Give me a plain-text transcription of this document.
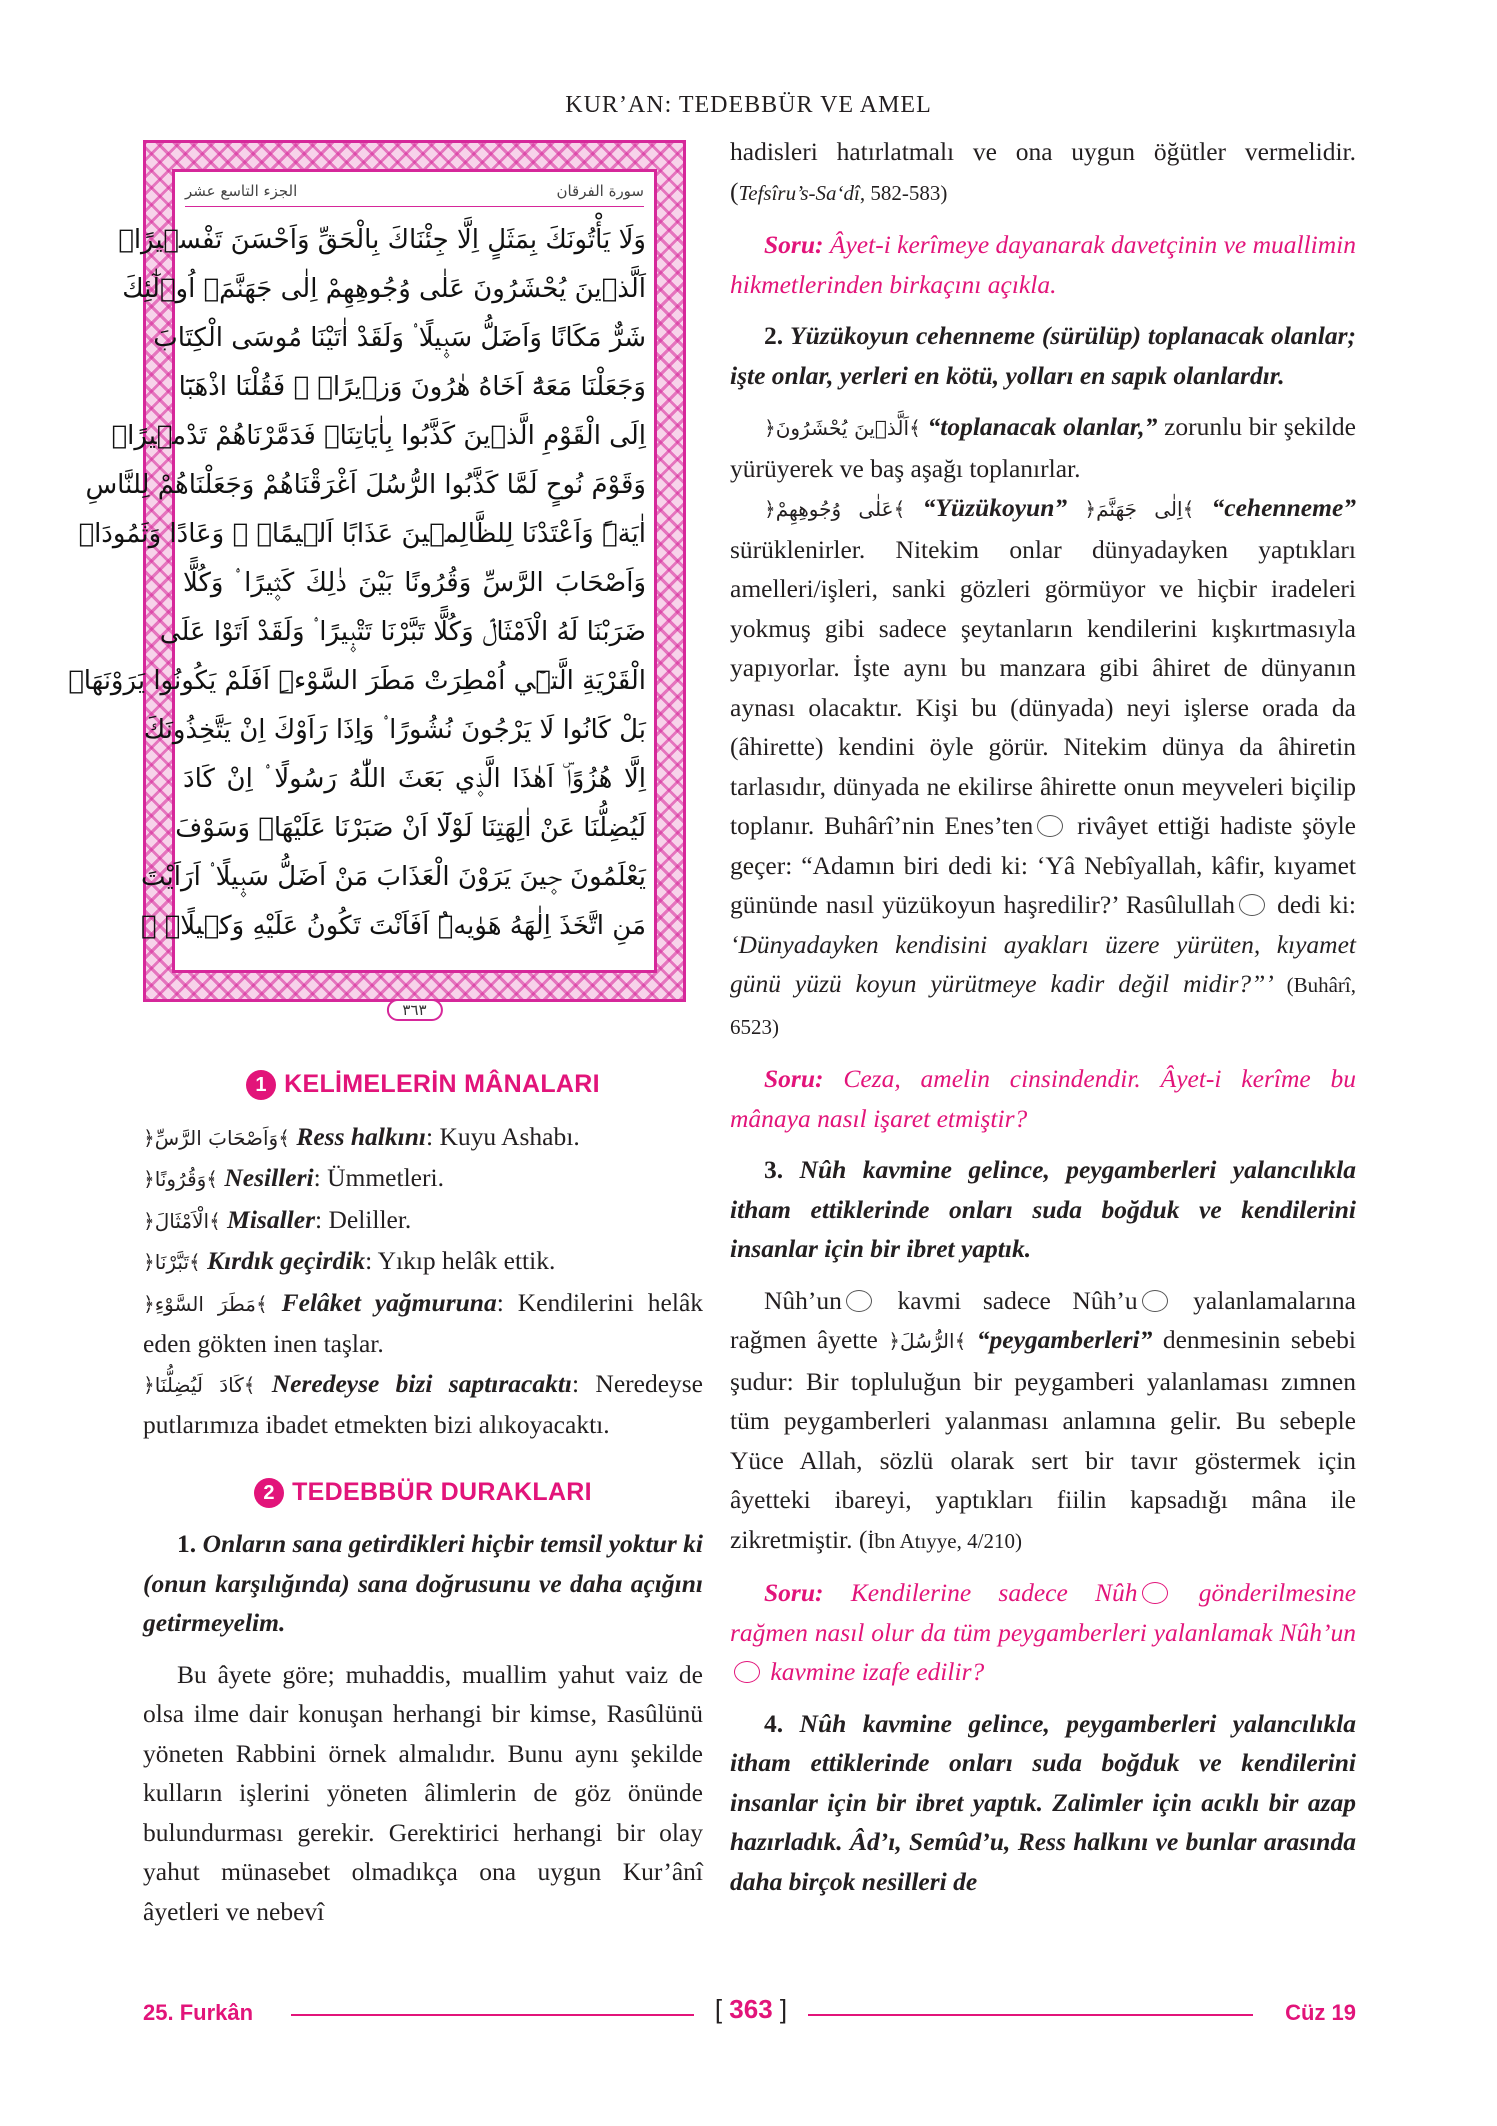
KUR’AN: TEDEBBÜR VE AMEL
الجزء التاسع عشر	سورة الفرقان
وَلَا يَأْتُونَكَ بِمَثَلٍ اِلَّا جِئْنَاكَ بِالْحَقِّ وَاَحْسَنَ تَفْس۪يرًاۜ
اَلَّذ۪ينَ يُحْشَرُونَ عَلٰى وُجُوهِهِمْ اِلٰى جَهَنَّمَۙ اُو۬لٰٓئِكَ
شَرٌّ مَكَانًا وَاَضَلُّ سَب۪يلًا ۟ وَلَقَدْ اٰتَيْنَا مُوسَى الْكِتَابَ
وَجَعَلْنَا مَعَهُٓ اَخَاهُ هٰرُونَ وَز۪يرًاۚ ۟ فَقُلْنَا اذْهَبَٓا
اِلَى الْقَوْمِ الَّذ۪ينَ كَذَّبُوا بِاٰيَاتِنَاۜ فَدَمَّرْنَاهُمْ تَدْم۪يرًاۜ
وَقَوْمَ نُوحٍ لَمَّا كَذَّبُوا الرُّسُلَ اَغْرَقْنَاهُمْ وَجَعَلْنَاهُمْ لِلنَّاسِ
اٰيَةًۜ وَاَعْتَدْنَا لِلظَّالِم۪ينَ عَذَابًا اَل۪يمًاۚ ۟ وَعَادًا وَثَمُودَا۬
وَاَصْحَابَ الرَّسِّ وَقُرُونًا بَيْنَ ذٰلِكَ كَث۪يرًا ۟ وَكُلًّا
ضَرَبْنَا لَهُ الْاَمْثَالَۘ وَكُلًّا تَبَّرْنَا تَتْب۪يرًا ۟ وَلَقَدْ اَتَوْا عَلَى
الْقَرْيَةِ الَّت۪ٓي اُمْطِرَتْ مَطَرَ السَّوْءِۜ اَفَلَمْ يَكُونُوا يَرَوْنَهَاۚ
بَلْ كَانُوا لَا يَرْجُونَ نُشُورًا ۟ وَاِذَا رَاَوْكَ اِنْ يَتَّخِذُونَكَ
اِلَّا هُزُوًاۜ اَهٰذَا الَّذ۪ي بَعَثَ اللّٰهُ رَسُولًا ۟ اِنْ كَادَ
لَيُضِلُّنَا عَنْ اٰلِهَتِنَا لَوْلَٓا اَنْ صَبَرْنَا عَلَيْهَاۜ وَسَوْفَ
يَعْلَمُونَ ح۪ينَ يَرَوْنَ الْعَذَابَ مَنْ اَضَلُّ سَب۪يلًا ۟ اَرَاَيْتَ
مَنِ اتَّخَذَ اِلٰهَهُ هَوٰيهُۜ اَفَاَنْتَ تَكُونُ عَلَيْهِ وَك۪يلًاۙ ۟
٣٦٣
1 KELİMELERİN MÂNALARI

﴿وَاَصْحَابَ الرَّسِّ﴾ Ress halkını: Kuyu Ashabı.

﴿وَقُرُونًا﴾ Nesilleri: Ümmetleri.

﴿الْاَمْثَالَ﴾ Misaller: Deliller.

﴿تَبَّرْنَا﴾ Kırdık geçirdik: Yıkıp helâk ettik.

﴿مَطَرَ السَّوْءِ﴾ Felâket yağmuruna: Kendilerini helâk eden gökten inen taşlar.

﴿كَادَ لَيُضِلُّنَا﴾ Neredeyse bizi saptıracaktı: Neredeyse putlarımıza ibadet etmekten bizi alıkoyacaktı.

2 TEDEBBÜR DURAKLARI

1. Onların sana getirdikleri hiçbir temsil yoktur ki (onun karşılığında) sana doğrusunu ve daha açığını getirmeyelim.

Bu âyete göre; muhaddis, muallim yahut vaiz de olsa ilme dair konuşan herhangi bir kimse, Rasûlünü yöneten Rabbini örnek almalıdır. Bunu aynı şekilde kulların işlerini yöneten âlimlerin de göz önünde bulundurması gerekir. Gerektirici herhangi bir olay yahut münasebet olmadıkça ona uygun Kur’ânî âyetleri ve nebevî

hadisleri hatırlatmalı ve ona uygun öğütler vermelidir. (Tefsîru’s-Sa‘dî, 582-583)

Soru: Âyet-i kerîmeye dayanarak davetçinin ve muallimin hikmetlerinden birkaçını açıkla.

2. Yüzükoyun cehenneme (sürülüp) toplanacak olanlar; işte onlar, yerleri en kötü, yolları en sapık olanlardır.

﴿اَلَّذ۪ينَ يُحْشَرُونَ﴾ “toplanacak olanlar,” zorunlu bir şekilde yürüyerek ve baş aşağı toplanırlar.

﴿عَلٰى وُجُوهِهِمْ﴾ “Yüzükoyun” ﴿اِلٰى جَهَنَّمَ﴾ “cehenneme” sürüklenirler. Nitekim onlar dünyadayken yaptıkları amelleri/işleri, sanki gözleri görmüyor ve hiçbir iradeleri yokmuş gibi sadece şeytanların kendilerini kışkırtmasıyla yapıyorlar. İşte aynı bu manzara gibi âhiret de dünyanın aynası olacaktır. Kişi bu (dünyada) neyi işlerse orada da (âhirette) kendini öyle görür. Nitekim dünya da âhiretin tarlasıdır, dünyada ne ekilirse âhirette onun meyveleri biçilip toplanır. Buhârî’nin Enes’ten rivâyet ettiği hadiste şöyle geçer: “Adamın biri dedi ki: ‘Yâ Nebîyallah, kâfir, kıyamet gününde nasıl yüzükoyun haşredilir?’ Rasûlullah dedi ki: ‘Dünyadayken kendisini ayakları üzere yürüten, kıyamet günü yüzü koyun yürütmeye kadir değil midir?”’ (Buhârî, 6523)

Soru: Ceza, amelin cinsindendir. Âyet-i kerîme bu mânaya nasıl işaret etmiştir?

3. Nûh kavmine gelince, peygamberleri yalancılıkla itham ettiklerinde onları suda boğduk ve kendilerini insanlar için bir ibret yaptık.

Nûh’un kavmi sadece Nûh’u yalanlamalarına rağmen âyette ﴿الرُّسُلَ﴾ “peygamberleri” denmesinin sebebi şudur: Bir topluluğun bir peygamberi yalanlaması zımnen tüm peygamberleri yalanması anlamına gelir. Bu sebeple Yüce Allah, sözlü olarak sert bir tavır göstermek için âyetteki ibareyi, yaptıkları fiilin kapsadığı mâna ile zikretmiştir. (İbn Atıyye, 4/210)

Soru: Kendilerine sadece Nûh gönderilmesine rağmen nasıl olur da tüm peygamberleri yalanlamak Nûh’un kavmine izafe edilir?

4. Nûh kavmine gelince, peygamberleri yalancılıkla itham ettiklerinde onları suda boğduk ve kendilerini insanlar için bir ibret yaptık. Zalimler için acıklı bir azap hazırladık. Âd’ı, Semûd’u, Ress halkını ve bunlar arasında daha birçok nesilleri de

25. Furkân	[ 363 ]	Cüz 19
